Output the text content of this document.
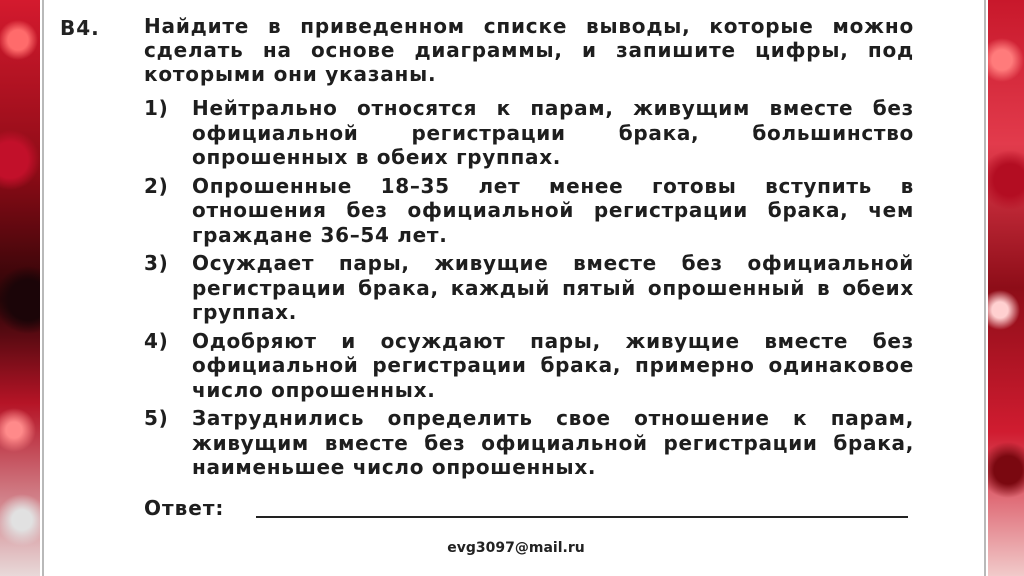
B4. Найдите в приведенном списке выводы, которые можно сделать на основе диаграммы, и запишите цифры, под которыми они указаны.
1) Нейтрально относятся к парам, живущим вместе без официальной регистрации брака, большинство опрошенных в обеих группах.
2) Опрошенные 18–35 лет менее готовы вступить в отношения без официальной регистрации брака, чем граждане 36–54 лет.
3) Осуждает пары, живущие вместе без официальной регистрации брака, каждый пятый опрошенный в обеих группах.
4) Одобряют и осуждают пары, живущие вместе без официальной регистрации брака, примерно одинаковое число опрошенных.
5) Затруднились определить свое отношение к парам, живущим вместе без официальной регистрации брака, наименьшее число опрошенных.
Ответ:
evg3097@mail.ru
